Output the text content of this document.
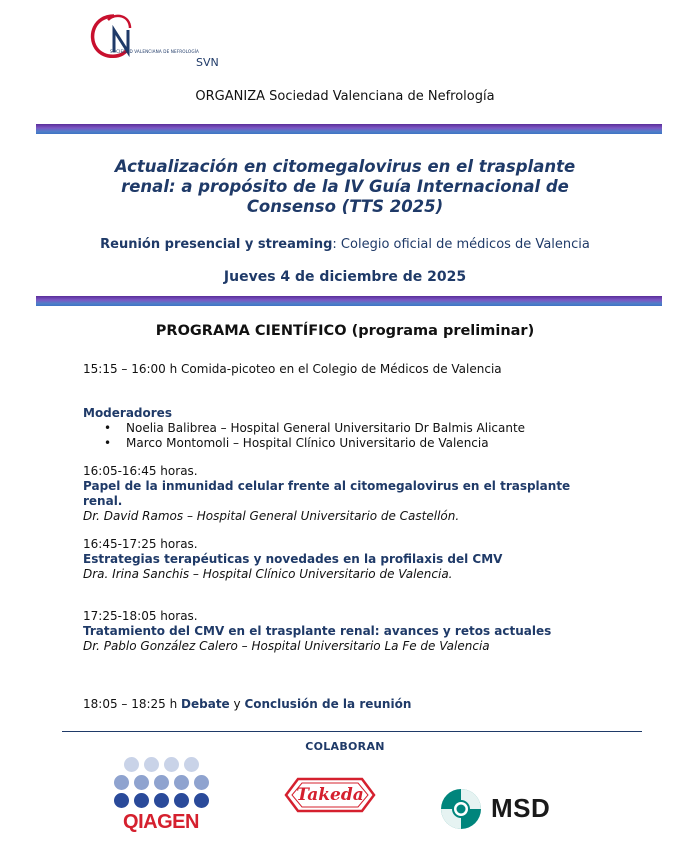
SOCIEDAD VALENCIANA DE NEFROLOGÍA
SVN
ORGANIZA Sociedad Valenciana de Nefrología
Actualización en citomegalovirus en el trasplante
renal: a propósito de la IV Guía Internacional de
Consenso (TTS 2025)
Reunión presencial y streaming: Colegio oficial de médicos de Valencia
Jueves 4 de diciembre de 2025
PROGRAMA CIENTÍFICO (programa preliminar)
15:15 – 16:00 h Comida-picoteo en el Colegio de Médicos de Valencia
Moderadores
• Noelia Balibrea – Hospital General Universitario Dr Balmis Alicante
• Marco Montomoli – Hospital Clínico Universitario de Valencia
16:05-16:45 horas.
Papel de la inmunidad celular frente al citomegalovirus en el trasplante
renal.
Dr. David Ramos – Hospital General Universitario de Castellón.
16:45-17:25 horas.
Estrategias terapéuticas y novedades en la profilaxis del CMV
Dra. Irina Sanchis – Hospital Clínico Universitario de Valencia.
17:25-18:05 horas.
Tratamiento del CMV en el trasplante renal: avances y retos actuales
Dr. Pablo González Calero – Hospital Universitario La Fe de Valencia
18:05 – 18:25 h Debate y Conclusión de la reunión
COLABORAN
QIAGEN
Takeda	MSD
